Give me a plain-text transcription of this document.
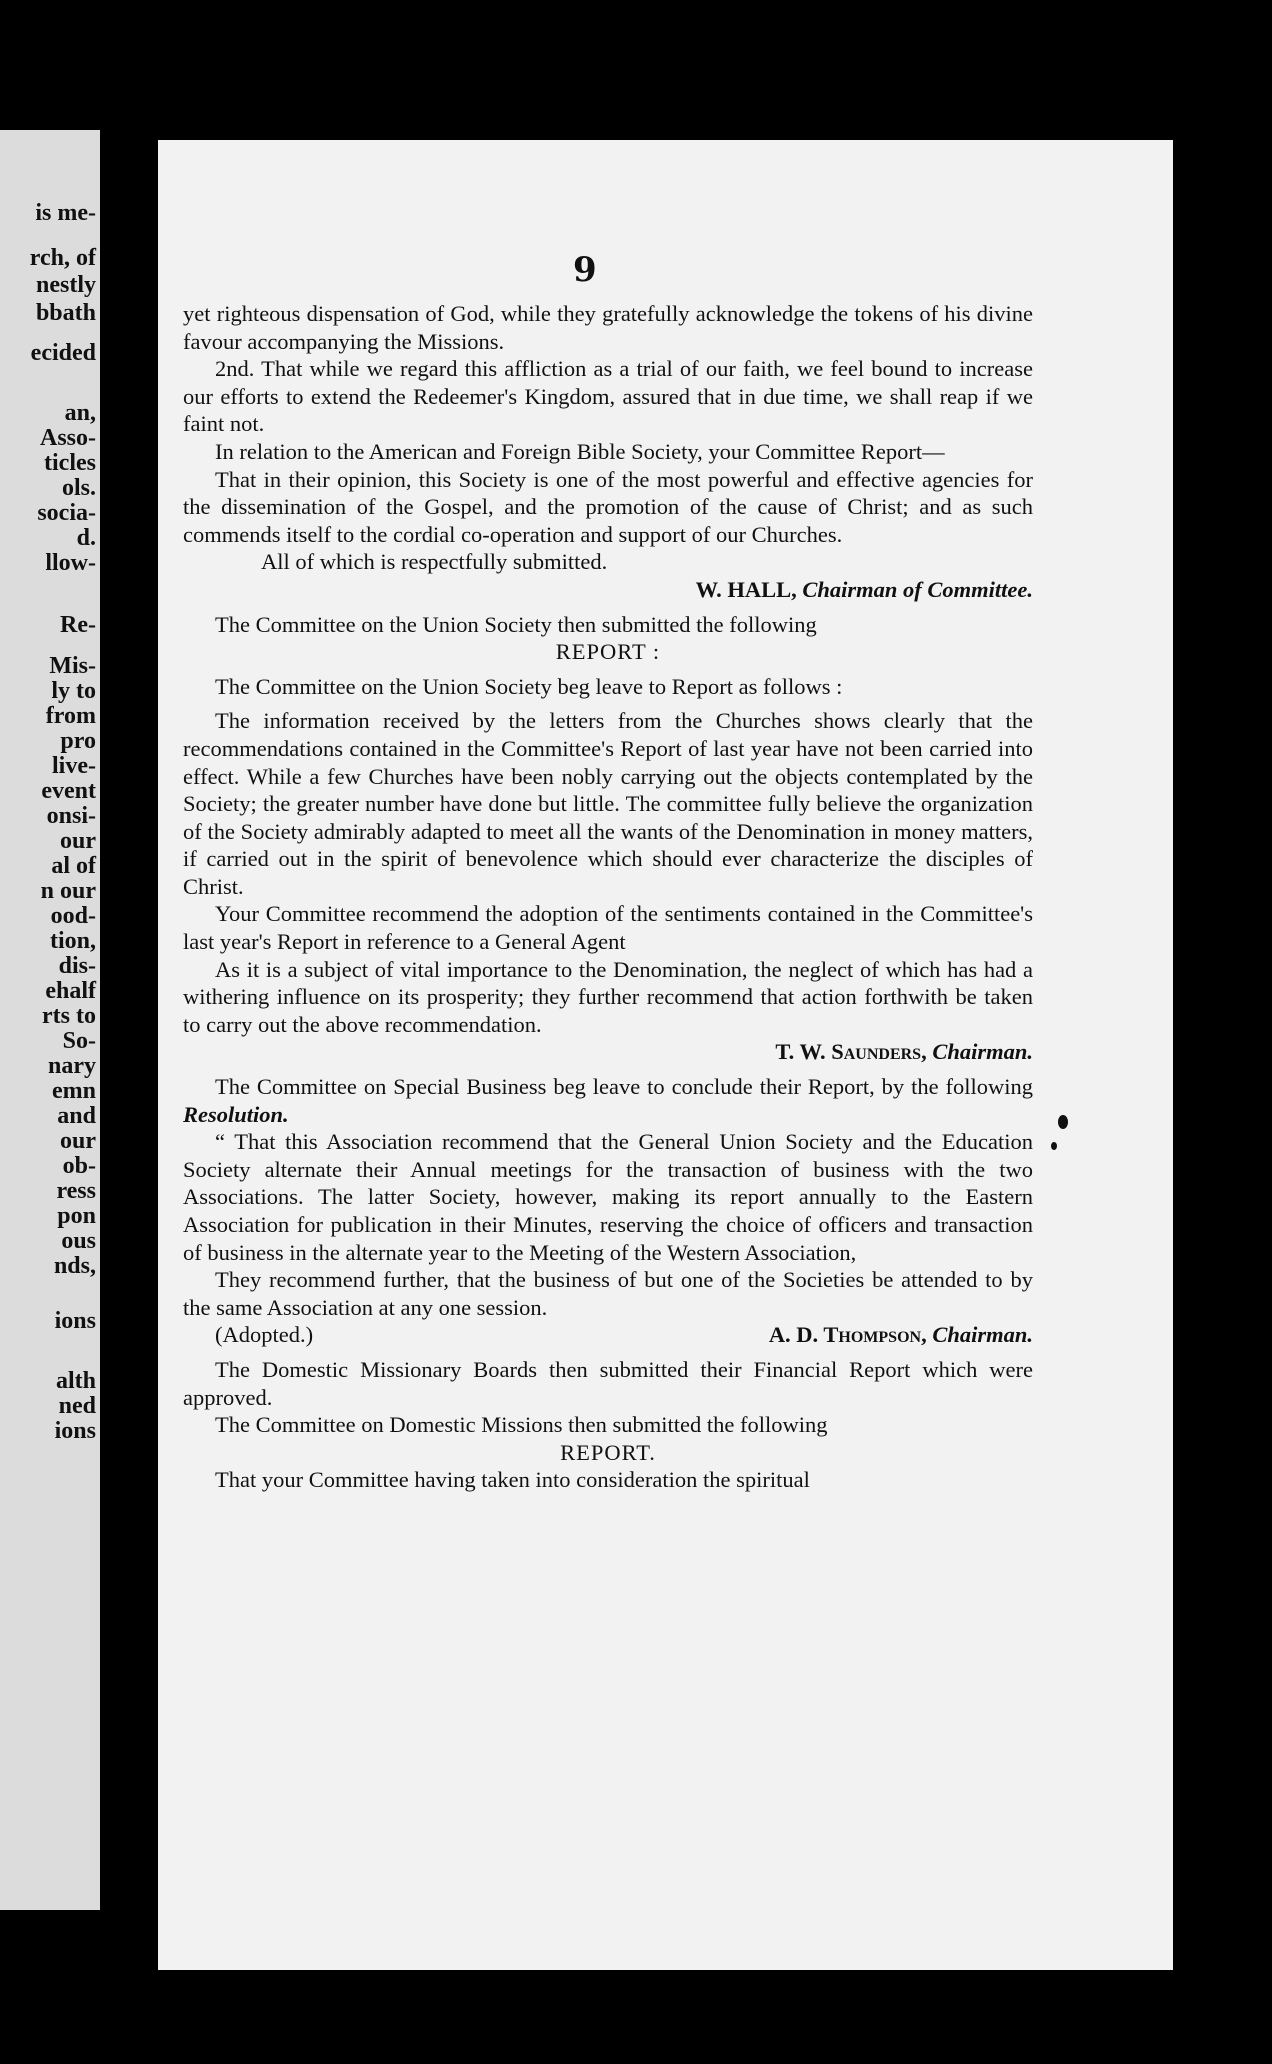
is me-

rch, of

nestly

bbath

ecided

an,

Asso-

ticles

ols.

socia-

d.

llow-

Re-

Mis-

ly to

from

pro

live-

event

onsi-

our

al of

n our

ood-

tion,

dis-

ehalf

rts to

So-

nary

emn

and

our

ob-

ress

pon

ous

nds,

ions

alth

ned

ions

9

yet righteous dispensation of God, while they gratefully acknowledge the tokens of his divine favour accompanying the Missions.

2nd. That while we regard this affliction as a trial of our faith, we feel bound to increase our efforts to extend the Redeemer's Kingdom, assured that in due time, we shall reap if we faint not.

In relation to the American and Foreign Bible Society, your Committee Report—

That in their opinion, this Society is one of the most powerful and effective agencies for the dissemination of the Gospel, and the promotion of the cause of Christ; and as such commends itself to the cordial co-operation and support of our Churches.

All of which is respectfully submitted.

W. HALL, Chairman of Committee.

The Committee on the Union Society then submitted the following

REPORT :

The Committee on the Union Society beg leave to Report as follows :

The information received by the letters from the Churches shows clearly that the recommendations contained in the Committee's Report of last year have not been carried into effect. While a few Churches have been nobly carrying out the objects contemplated by the Society; the greater number have done but little. The committee fully believe the organization of the Society admirably adapted to meet all the wants of the Denomination in money matters, if carried out in the spirit of benevolence which should ever characterize the disciples of Christ.

Your Committee recommend the adoption of the sentiments contained in the Committee's last year's Report in reference to a General Agent

As it is a subject of vital importance to the Denomination, the neglect of which has had a withering influence on its prosperity; they further recommend that action forthwith be taken to carry out the above recommendation.

T. W. Saunders, Chairman.

The Committee on Special Business beg leave to conclude their Report, by the following Resolution.

“ That this Association recommend that the General Union Society and the Education Society alternate their Annual meetings for the transaction of business with the two Associations. The latter Society, however, making its report annually to the Eastern Association for publication in their Minutes, reserving the choice of officers and transaction of business in the alternate year to the Meeting of the Western Association,

They recommend further, that the business of but one of the Societies be attended to by the same Association at any one session.

(Adopted.)	A. D. Thompson, Chairman.

The Domestic Missionary Boards then submitted their Financial Report which were approved.

The Committee on Domestic Missions then submitted the following

REPORT.

That your Committee having taken into consideration the spiritual
